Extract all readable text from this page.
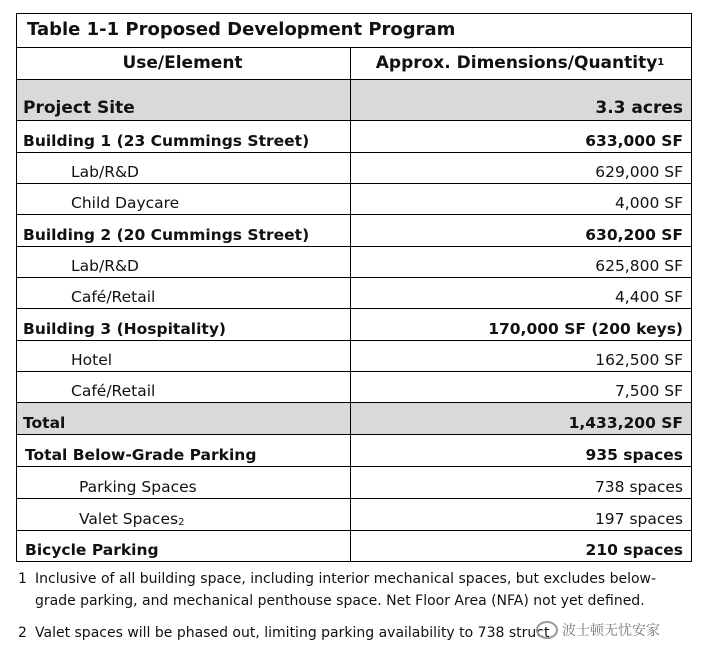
Table 1-1 Proposed Development Program
Use/Element	Approx. Dimensions/Quantity 1
Project Site	3.3 acres
Building 1 (23 Cummings Street)	633,000 SF
Lab/R&D	629,000 SF
Child Daycare	4,000 SF
Building 2 (20 Cummings Street)	630,200 SF
Lab/R&D	625,800 SF
Café/Retail	4,400 SF
Building 3 (Hospitality)	170,000 SF (200 keys)
Hotel	162,500 SF
Café/Retail	7,500 SF
Total	1,433,200 SF
Total Below-Grade Parking	935 spaces
Parking Spaces	738 spaces
Valet Spaces$_2$	197 spaces
Bicycle Parking	210 spaces
1 Inclusive of all building space, including interior mechanical spaces, but excludes below-
grade parking, and mechanical penthouse space. Net Floor Area (NFA) not yet defined.
2 Valet spaces will be phased out, limiting parking availability to 738 struct 波士顿无忧安家
